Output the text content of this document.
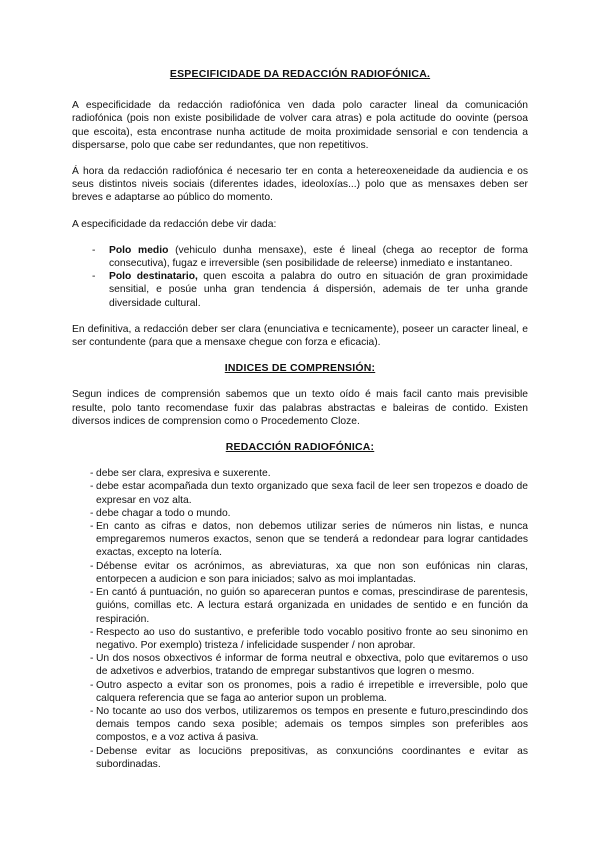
ESPECIFICIDADE DA REDACCIÓN RADIOFÓNICA.

A especificidade da redacción radiofónica ven dada polo caracter lineal da comunicación radiofónica (pois non existe posibilidade de volver cara atras) e pola actitude do oovinte (persoa que escoita), esta encontrase nunha actitude de moita proximidade sensorial e con tendencia a dispersarse, polo que cabe ser redundantes, que non repetitivos.

Á hora da redacción radiofónica é necesario ter en conta a hetereoxeneidade da audiencia e os seus distintos niveis sociais (diferentes idades, ideoloxías...) polo que as mensaxes deben ser breves e adaptarse ao público do momento.

A especificidade da redacción debe vir dada:

- Polo medio (vehiculo dunha mensaxe), este é lineal (chega ao receptor de forma consecutiva), fugaz e irreversible (sen posibilidade de releerse) inmediato e instantaneo.
- Polo destinatario, quen escoita a palabra do outro en situación de gran proximidade sensitial, e posúe unha gran tendencia á dispersión, ademais de ter unha grande diversidade cultural.

En definitiva, a redacción deber ser clara (enunciativa e tecnicamente), poseer un caracter lineal, e ser contundente (para que a mensaxe chegue con forza e eficacia).

INDICES DE COMPRENSIÓN:

Segun indices de comprensión sabemos que un texto oído é mais facil canto mais previsible resulte, polo tanto recomendase fuxir das palabras abstractas e baleiras de contido. Existen diversos indices de comprension como o Procedemento Cloze.

REDACCIÓN RADIOFÓNICA:
- debe ser clara, expresiva e suxerente.
- debe estar acompañada dun texto organizado que sexa facil de leer sen tropezos e doado de expresar en voz alta.
- debe chagar a todo o mundo.
- En canto as cifras e datos, non debemos utilizar series de números nin listas, e nunca empregaremos numeros exactos, senon que se tenderá a redondear para lograr cantidades exactas, excepto na lotería.
- Débense evitar os acrónimos, as abreviaturas, xa que non son eufónicas nin claras, entorpecen a audicion e son para iniciados; salvo as moi implantadas.
- En cantó á puntuación, no guión so apareceran puntos e comas, prescindirase de parentesis, guións, comillas etc. A lectura estará organizada en unidades de sentido e en función da respiración.
- Respecto ao uso do sustantivo, e preferible todo vocablo positivo fronte ao seu sinonimo en negativo. Por exemplo) tristeza / infelicidade suspender / non aprobar.
- Un dos nosos obxectivos é informar de forma neutral e obxectiva, polo que evitaremos o uso de adxetivos e adverbios, tratando de empregar substantivos que logren o mesmo.
- Outro aspecto a evitar son os pronomes, pois a radio é irrepetible e irreversible, polo que calquera referencia que se faga ao anterior supon un problema.
- No tocante ao uso dos verbos, utilizaremos os tempos en presente e futuro,prescindindo dos demais tempos cando sexa posible; ademais os tempos simples son preferibles aos compostos, e a voz activa á pasiva.
- Debense evitar as locuciöns prepositivas, as conxuncións coordinantes e evitar as subordinadas.
